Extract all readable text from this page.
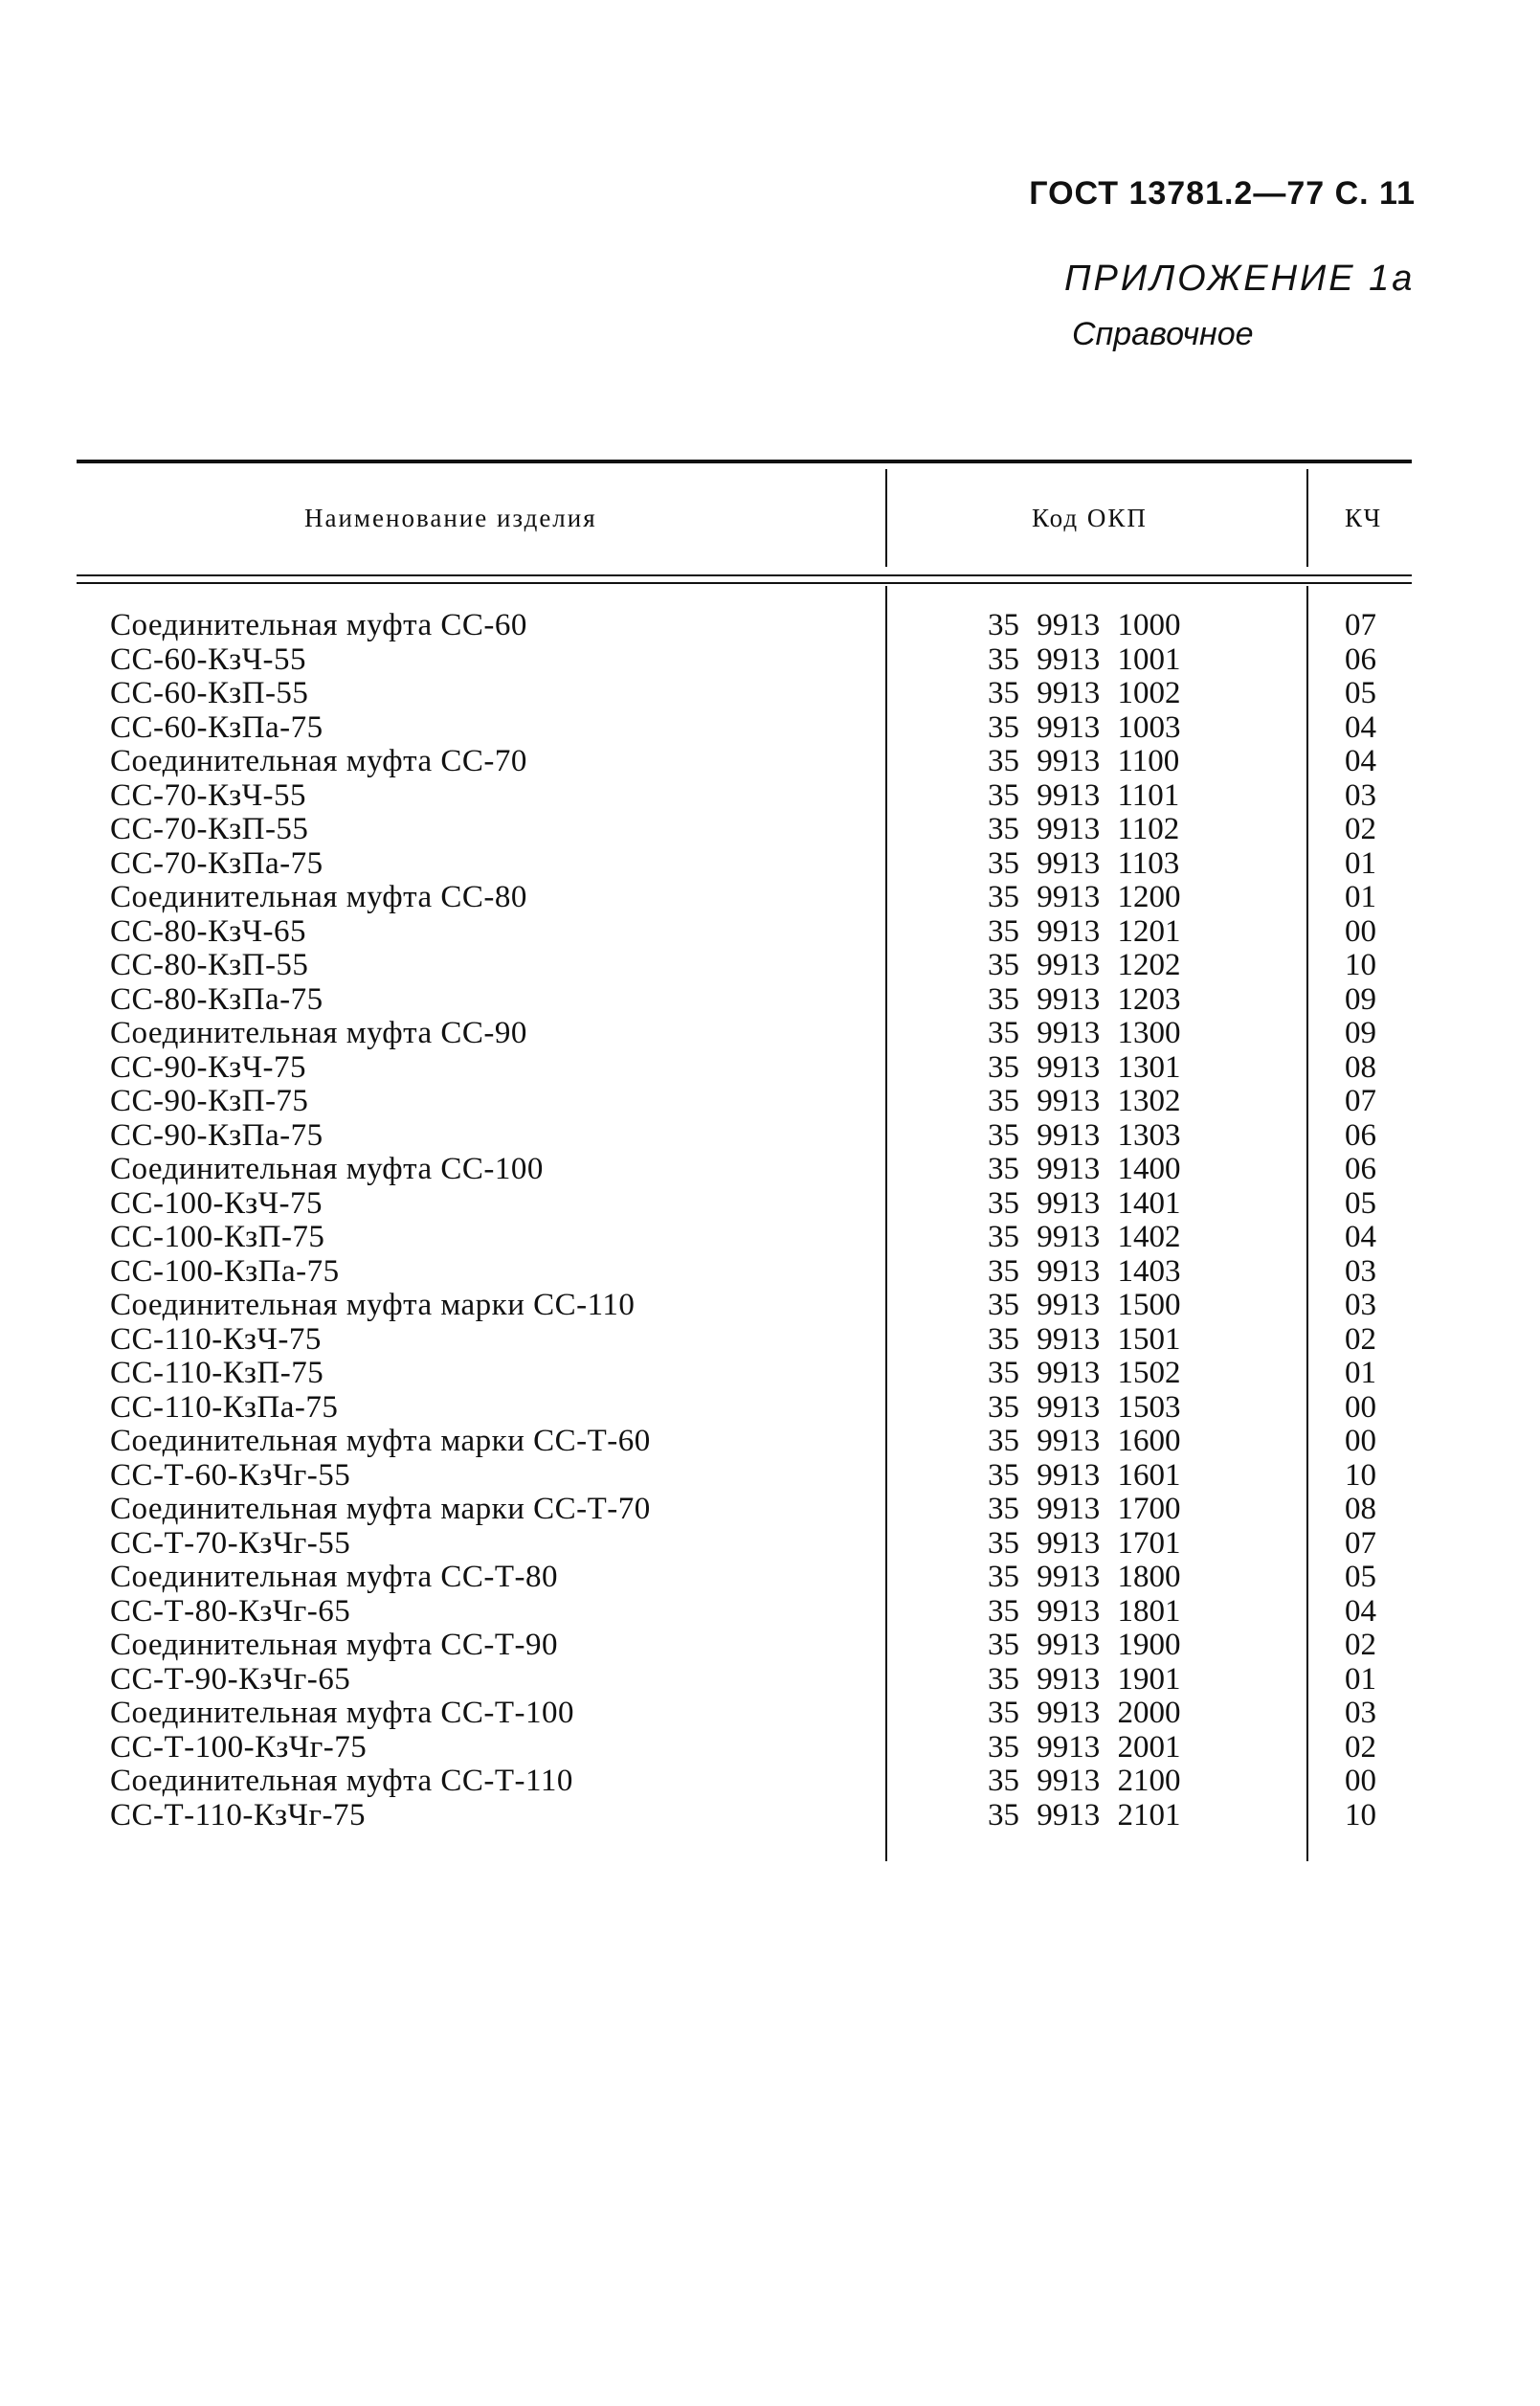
ГОСТ 13781.2—77 С. 11
ПРИЛОЖЕНИЕ 1а
Справочное
Наименование изделия	Код ОКП	КЧ
Соединительная муфта СС-60	35 9913 1000	07
СС-60-КзЧ-55	35 9913 1001	06
СС-60-КзП-55	35 9913 1002	05
СС-60-КзПа-75	35 9913 1003	04
Соединительная муфта СС-70	35 9913 1100	04
СС-70-КзЧ-55	35 9913 1101	03
СС-70-КзП-55	35 9913 1102	02
СС-70-КзПа-75	35 9913 1103	01
Соединительная муфта СС-80	35 9913 1200	01
СС-80-КзЧ-65	35 9913 1201	00
СС-80-КзП-55	35 9913 1202	10
СС-80-КзПа-75	35 9913 1203	09
Соединительная муфта СС-90	35 9913 1300	09
СС-90-КзЧ-75	35 9913 1301	08
СС-90-КзП-75	35 9913 1302	07
СС-90-КзПа-75	35 9913 1303	06
Соединительная муфта СС-100	35 9913 1400	06
СС-100-КзЧ-75	35 9913 1401	05
СС-100-КзП-75	35 9913 1402	04
СС-100-КзПа-75	35 9913 1403	03
Соединительная муфта марки СС-110	35 9913 1500	03
СС-110-КзЧ-75	35 9913 1501	02
СС-110-КзП-75	35 9913 1502	01
СС-110-КзПа-75	35 9913 1503	00
Соединительная муфта марки СС-Т-60	35 9913 1600	00
СС-Т-60-КзЧг-55	35 9913 1601	10
Соединительная муфта марки СС-Т-70	35 9913 1700	08
СС-Т-70-КзЧг-55	35 9913 1701	07
Соединительная муфта СС-Т-80	35 9913 1800	05
СС-Т-80-КзЧг-65	35 9913 1801	04
Соединительная муфта СС-Т-90	35 9913 1900	02
СС-Т-90-КзЧг-65	35 9913 1901	01
Соединительная муфта СС-Т-100	35 9913 2000	03
СС-Т-100-КзЧг-75	35 9913 2001	02
Соединительная муфта СС-Т-110	35 9913 2100	00
СС-Т-110-КзЧг-75	35 9913 2101	10
